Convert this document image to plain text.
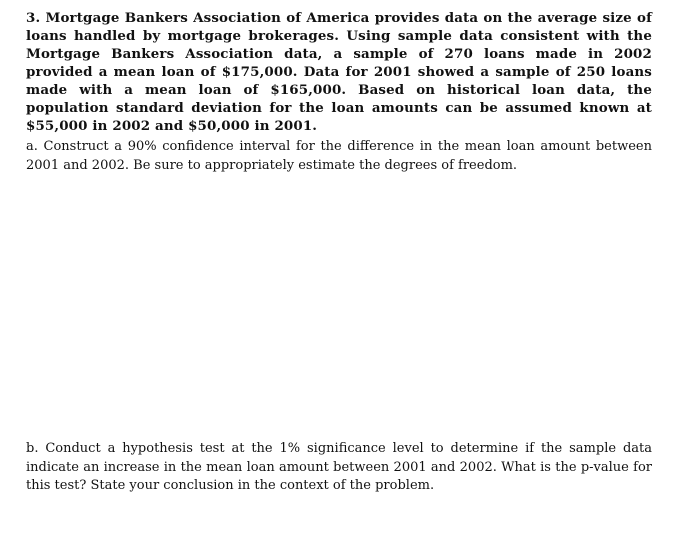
3. Mortgage Bankers Association of America provides data on the average size of loans handled by mortgage brokerages. Using sample data consistent with the Mortgage Bankers Association data, a sample of 270 loans made in 2002 provided a mean loan of $175,000. Data for 2001 showed a sample of 250 loans made with a mean loan of $165,000. Based on historical loan data, the population standard deviation for the loan amounts can be assumed known at $55,000 in 2002 and $50,000 in 2001.

a. Construct a 90% confidence interval for the difference in the mean loan amount between 2001 and 2002. Be sure to appropriately estimate the degrees of freedom.

b. Conduct a hypothesis test at the 1% significance level to determine if the sample data indicate an increase in the mean loan amount between 2001 and 2002. What is the p-value for this test? State your conclusion in the context of the problem.
